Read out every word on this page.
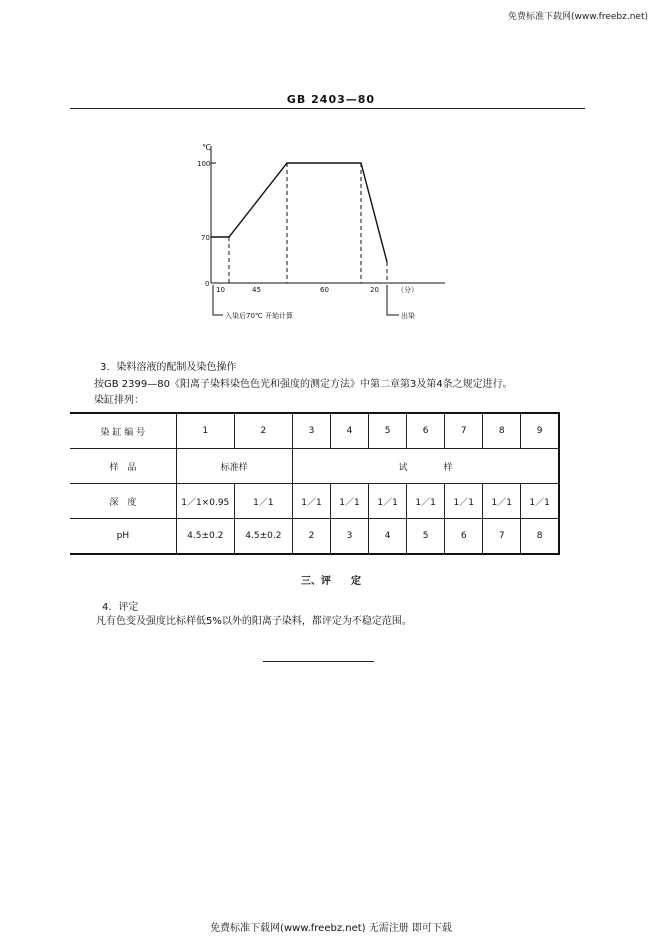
免费标准下载网(www.freebz.net)
GB 2403—80
℃
100
70
0
10	45	60	20	（分）
入染后70℃ 开始计算	出染
3．染料溶液的配制及染色操作
按GB 2399—80《阳离子染料染色色光和强度的测定方法》中第二章第3及第4条之规定进行。
染缸排列：
染 缸 编 号	1	2	3	4	5	6	7	8	9
样　品	标准样		试　　　　样						
深　度	1／1×0.95	1／1	1／1	1／1	1／1	1／1	1／1	1／1	1／1
pH	4.5±0.2	4.5±0.2	2	3	4	5	6	7	8
三、评　　定
4．评定
凡有色变及强度比标样低5%以外的阳离子染料，都评定为不稳定范围。
免费标准下载网(www.freebz.net) 无需注册 即可下载
